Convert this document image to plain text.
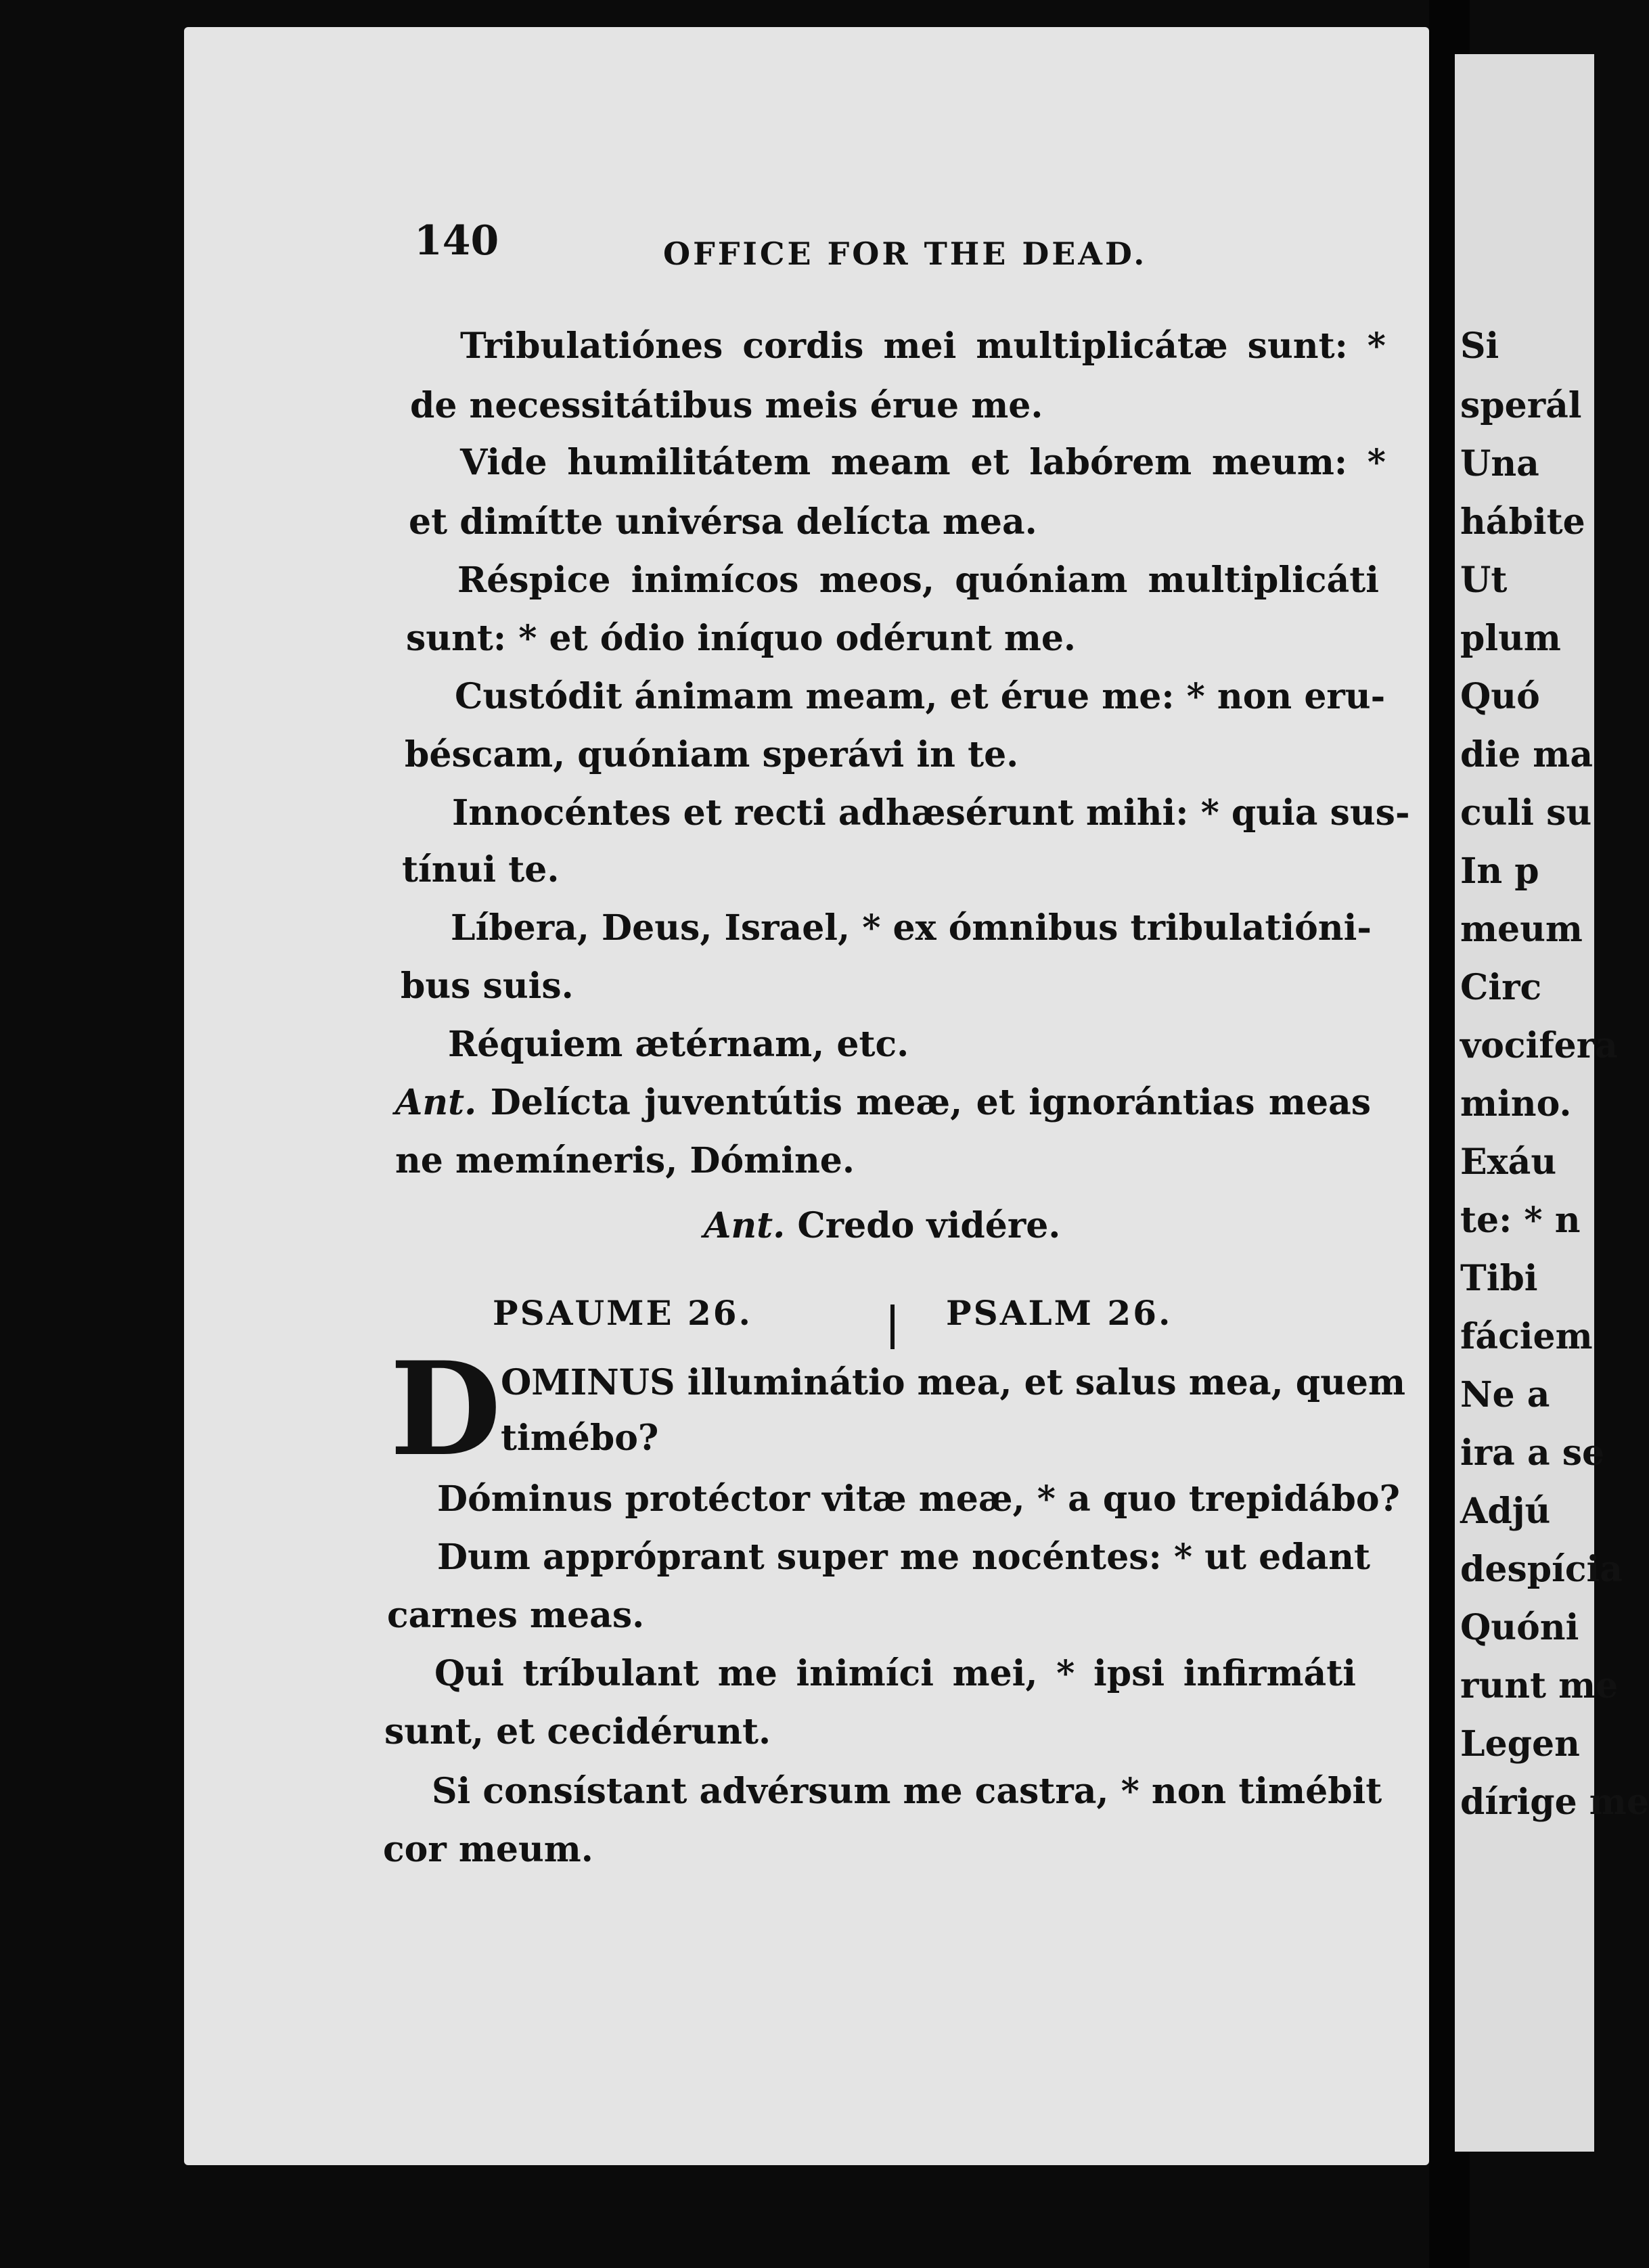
140	OFFICE FOR THE DEAD.
Tribulatiónes cordis mei multiplicátæ sunt: *
de necessitátibus meis érue me.
Vide humilitátem meam et labórem meum: *
et dimítte univérsa delícta mea.
Réspice inimícos meos, quóniam multiplicáti
sunt: * et ódio iníquo odérunt me.
Custódit ánimam meam, et érue me: * non eru-
béscam, quóniam sperávi in te.
Innocéntes et recti adhæsérunt mihi: * quia sus-
tínui te.
Líbera, Deus, Israel, * ex ómnibus tribulatióni-
bus suis.
Réquiem ætérnam, etc.
Ant. Delícta juventútis meæ, et ignorántias meas
ne memíneris, Dómine.
Ant. Credo vidére.
PSAUME 26.	PSALM 26.
D OMINUS illuminátio mea, et salus mea, quem
timébo?
Dóminus protéctor vitæ meæ, * a quo trepidábo?
Dum appróprant super me nocéntes: * ut edant
carnes meas.
Qui tríbulant me inimíci mei, * ipsi infirmáti
sunt, et cecidérunt.
Si consístant advérsum me castra, * non timébit
cor meum.
Si
sperál
Una
hábite
Ut
plum
Quó
die ma
culi su
In p
meum
Circ
vocifera
mino.
Exáu
te: * n
Tibi
fáciem
Ne a
ira a se
Adjú
despícia
Quóni
runt me
Legen
dírige me
